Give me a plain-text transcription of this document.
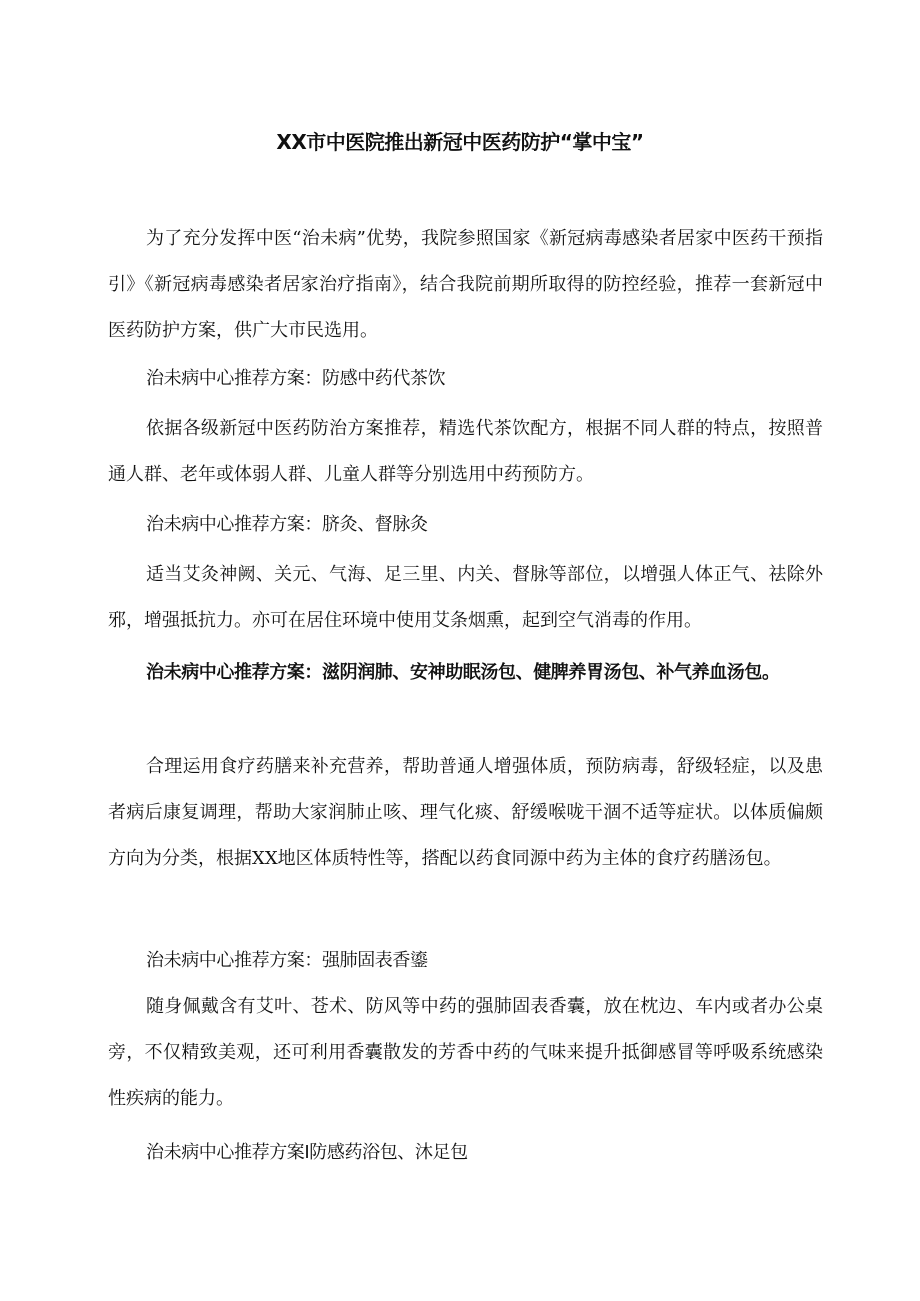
XX市中医院推出新冠中医药防护“掌中宝”

为了充分发挥中医“治未病”优势，我院参照国家《新冠病毒感染者居家中医药干预指引》《新冠病毒感染者居家治疗指南》，结合我院前期所取得的防控经验，推荐一套新冠中医药防护方案，供广大市民选用。

治未病中心推荐方案：防感中药代茶饮

依据各级新冠中医药防治方案推荐，精选代茶饮配方，根据不同人群的特点，按照普通人群、老年或体弱人群、儿童人群等分别选用中药预防方。

治未病中心推荐方案：脐灸、督脉灸

适当艾灸神阙、关元、气海、足三里、内关、督脉等部位，以增强人体正气、祛除外邪，增强抵抗力。亦可在居住环境中使用艾条烟熏，起到空气消毒的作用。

治未病中心推荐方案：滋阴润肺、安神助眠汤包、健脾养胃汤包、补气养血汤包。

合理运用食疗药膳来补充营养，帮助普通人增强体质，预防病毒，舒级轻症，以及患者病后康复调理，帮助大家润肺止咳、理气化痰、舒缓喉咙干涸不适等症状。以体质偏颇方向为分类，根据XX地区体质特性等，搭配以药食同源中药为主体的食疗药膳汤包。

治未病中心推荐方案：强肺固表香鎏

随身佩戴含有艾叶、苍术、防风等中药的强肺固表香囊，放在枕边、车内或者办公桌旁，不仅精致美观，还可利用香囊散发的芳香中药的气味来提升抵御感冒等呼吸系统感染性疾病的能力。

治未病中心推荐方案I防感药浴包、沐足包
